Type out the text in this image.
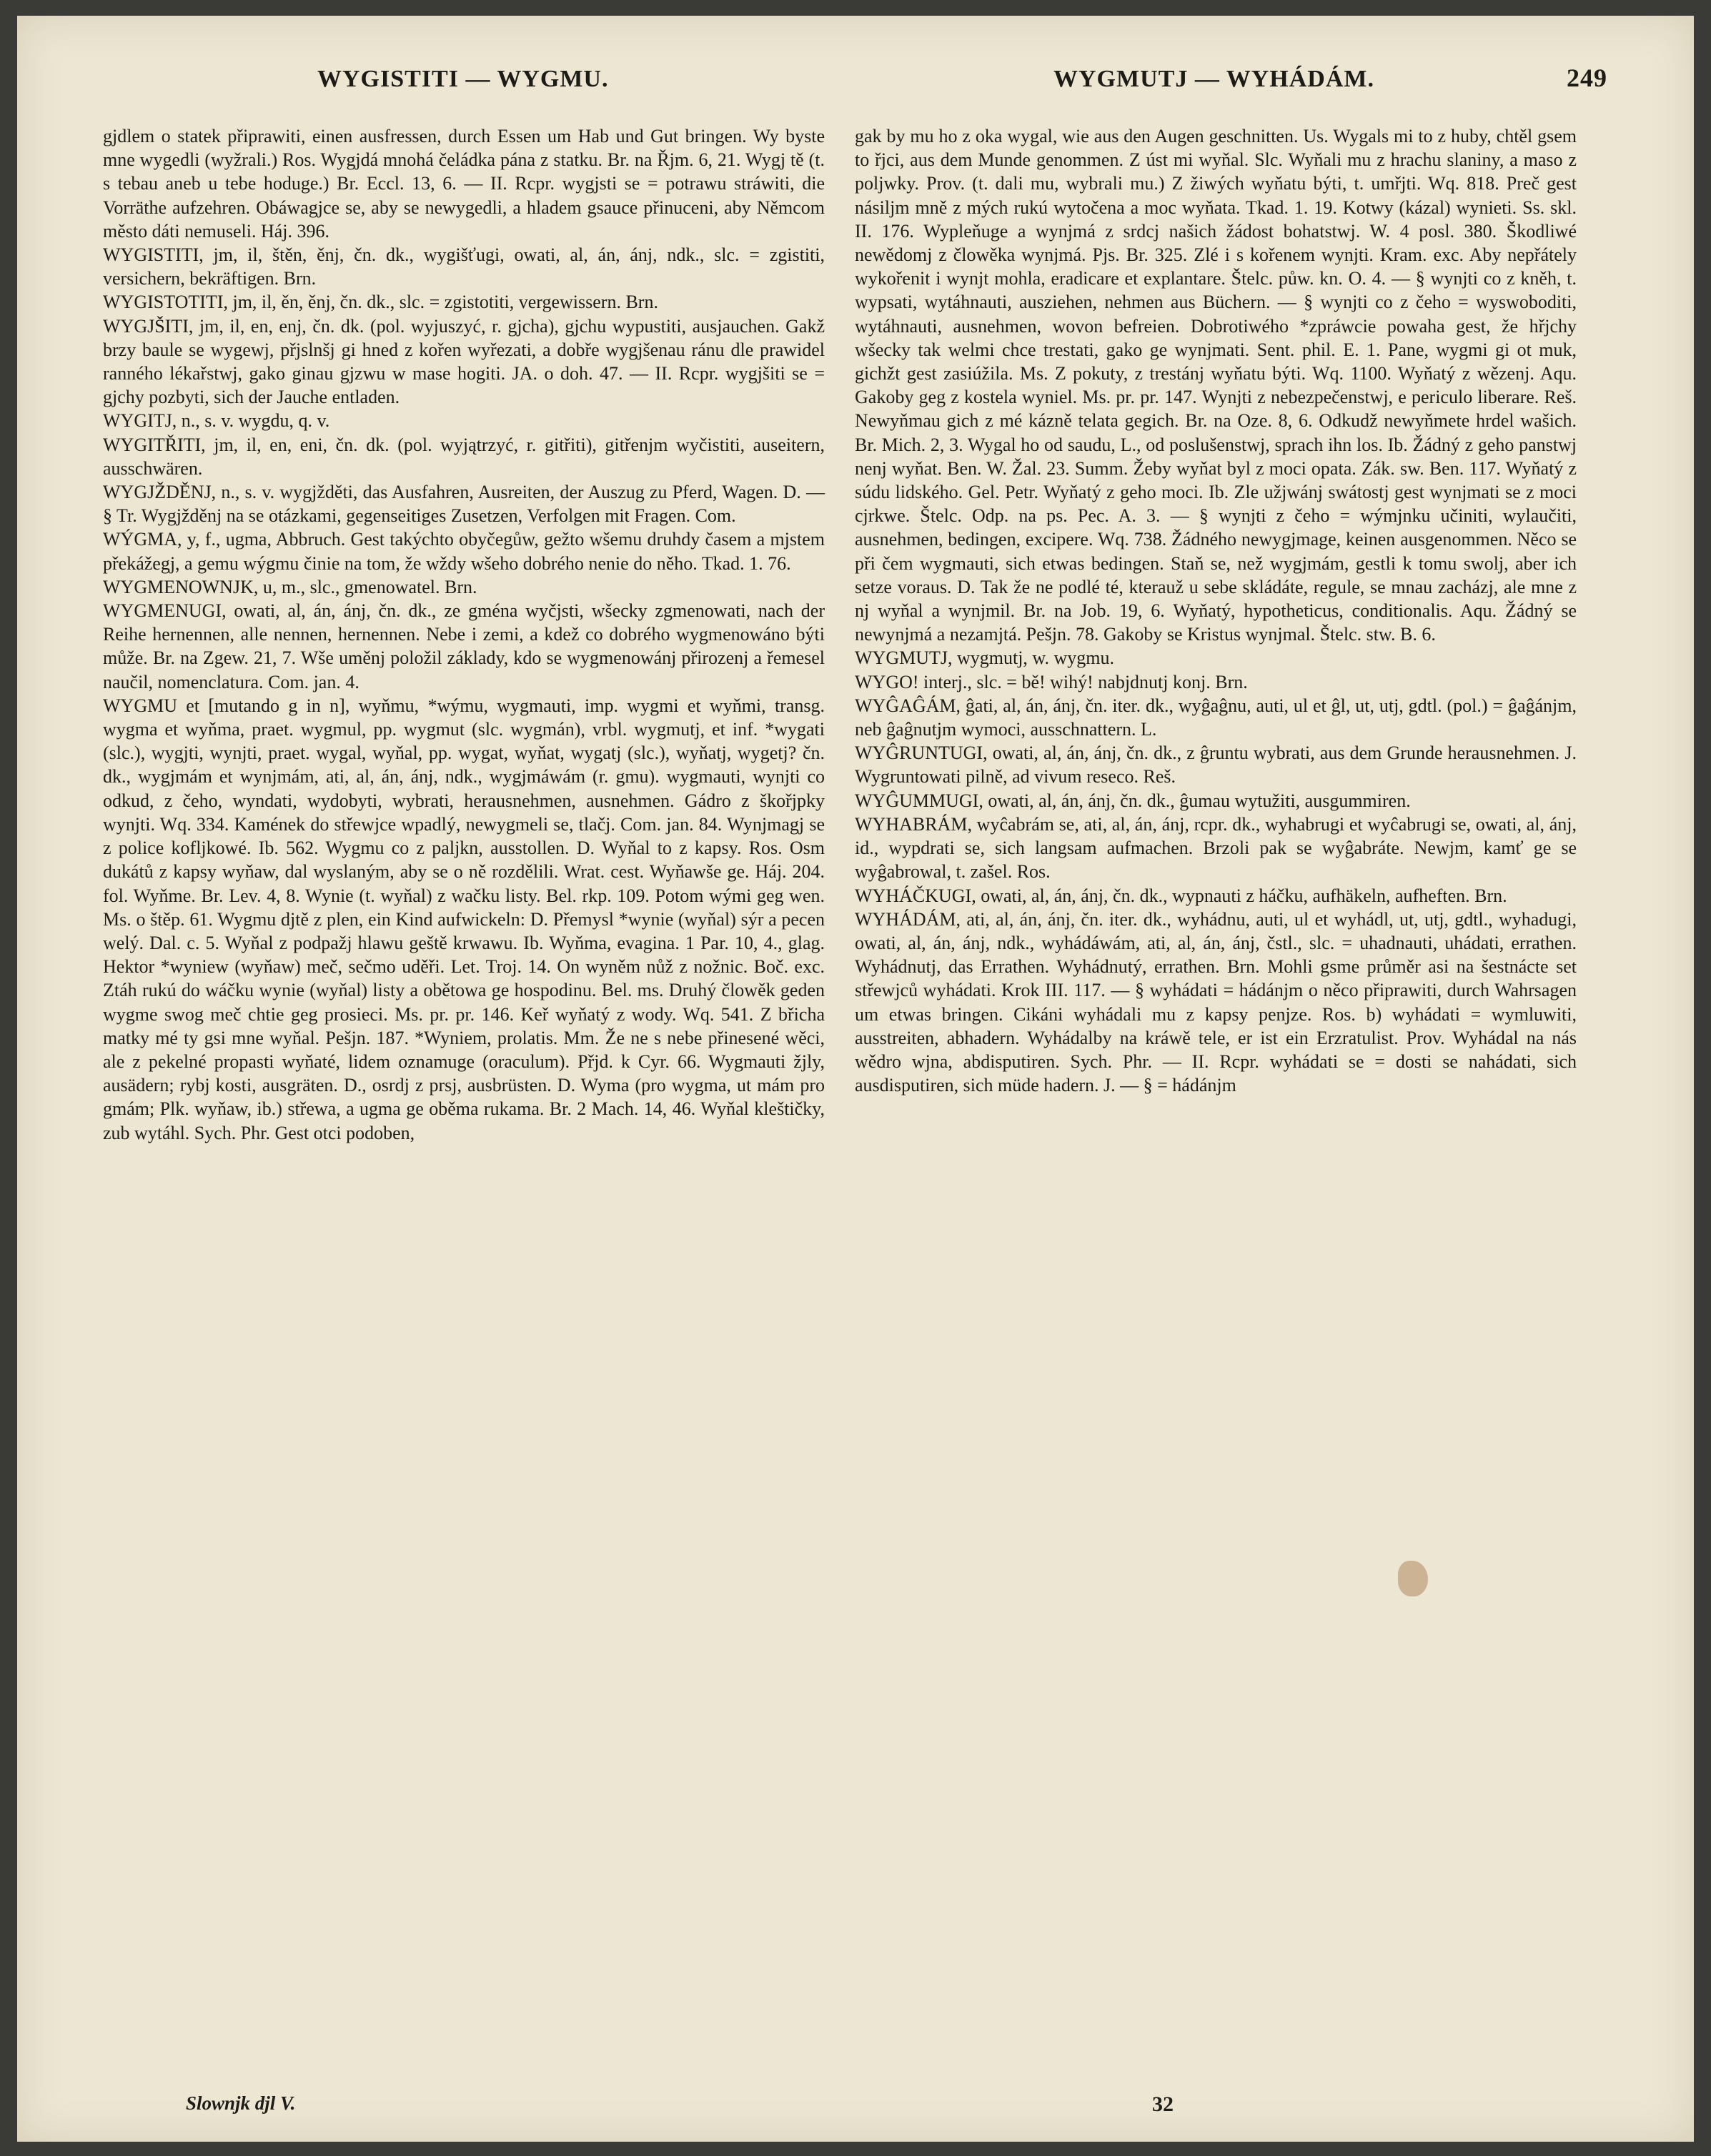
WYGISTITI — WYGMU.	WYGMUTJ — WYHÁDÁM.	249

gjdlem o statek připrawiti, einen ausfressen, durch Essen um Hab und Gut bringen. Wy byste mne wygedli (wyžrali.) Ros. Wygjdá mnohá čeládka pána z statku. Br. na Řjm. 6, 21. Wygj tě (t. s tebau aneb u tebe hoduge.) Br. Eccl. 13, 6. — II. Rcpr. wygjsti se = potrawu stráwiti, die Vorräthe aufzehren. Obáwagjce se, aby se newygedli, a hladem gsauce přinuceni, aby Němcom město dáti nemuseli. Háj. 396.

WYGISTITI, jm, il, štěn, ěnj, čn. dk., wygišťugi, owati, al, án, ánj, ndk., slc. = zgistiti, versichern, bekräftigen. Brn.

WYGISTOTITI, jm, il, ěn, ěnj, čn. dk., slc. = zgistotiti, vergewissern. Brn.

WYGJŠITI, jm, il, en, enj, čn. dk. (pol. wyjuszyć, r. gjcha), gjchu wypustiti, ausjauchen. Gakž brzy baule se wygewj, přjslnšj gi hned z kořen wyřezati, a dobře wygjšenau ránu dle prawidel ranného lékařstwj, gako ginau gjzwu w mase hogiti. JA. o doh. 47. — II. Rcpr. wygjšiti se = gjchy pozbyti, sich der Jauche entladen.

WYGITJ, n., s. v. wygdu, q. v.

WYGITŘITI, jm, il, en, eni, čn. dk. (pol. wyjątrzyć, r. gitřiti), gitřenjm wyčistiti, auseitern, ausschwären.

WYGJŽDĚNJ, n., s. v. wygjžděti, das Ausfahren, Ausreiten, der Auszug zu Pferd, Wagen. D. — § Tr. Wygjžděnj na se otázkami, gegenseitiges Zusetzen, Verfolgen mit Fragen. Com.

WÝGMA, y, f., ugma, Abbruch. Gest takýchto obyčegůw, gežto wšemu druhdy časem a mjstem překážegj, a gemu wýgmu činie na tom, že wždy wšeho dobrého nenie do něho. Tkad. 1. 76.

WYGMENOWNJK, u, m., slc., gmenowatel. Brn.

WYGMENUGI, owati, al, án, ánj, čn. dk., ze gména wyčjsti, wšecky zgmenowati, nach der Reihe hernennen, alle nennen, hernennen. Nebe i zemi, a kdež co dobrého wygmenowáno býti může. Br. na Zgew. 21, 7. Wše uměnj položil základy, kdo se wygmenowánj přirozenj a řemesel naučil, nomenclatura. Com. jan. 4.

WYGMU et [mutando g in n], wyňmu, *wýmu, wygmauti, imp. wygmi et wyňmi, transg. wygma et wyňma, praet. wygmul, pp. wygmut (slc. wygmán), vrbl. wygmutj, et inf. *wygati (slc.), wygjti, wynjti, praet. wygal, wyňal, pp. wygat, wyňat, wygatj (slc.), wyňatj, wygetj? čn. dk., wygjmám et wynjmám, ati, al, án, ánj, ndk., wygjmáwám (r. gmu). wygmauti, wynjti co odkud, z čeho, wyndati, wydobyti, wybrati, herausnehmen, ausnehmen. Gádro z škořjpky wynjti. Wq. 334. Kamének do střewjce wpadlý, newygmeli se, tlačj. Com. jan. 84. Wynjmagj se z police kofljkowé. Ib. 562. Wygmu co z paljkn, ausstollen. D. Wyňal to z kapsy. Ros. Osm dukátů z kapsy wyňaw, dal wyslaným, aby se o ně rozdělili. Wrat. cest. Wyňawše ge. Háj. 204. fol. Wyňme. Br. Lev. 4, 8. Wynie (t. wyňal) z wačku listy. Bel. rkp. 109. Potom wými geg wen. Ms. o štěp. 61. Wygmu djtě z plen, ein Kind aufwickeln: D. Přemysl *wynie (wyňal) sýr a pecen welý. Dal. c. 5. Wyňal z podpažj hlawu geště krwawu. Ib. Wyňma, evagina. 1 Par. 10, 4., glag. Hektor *wyniew (wyňaw) meč, sečmo uděři. Let. Troj. 14. On wyněm nůž z nožnic. Boč. exc. Ztáh rukú do wáčku wynie (wyňal) listy a obětowa ge hospodinu. Bel. ms. Druhý člowěk geden wygme swog meč chtie geg prosieci. Ms. pr. pr. 146. Keř wyňatý z wody. Wq. 541. Z břicha matky mé ty gsi mne wyňal. Pešjn. 187. *Wyniem, prolatis. Mm. Že ne s nebe přinesené wěci, ale z pekelné propasti wyňaté, lidem oznamuge (oraculum). Přjd. k Cyr. 66. Wygmauti žjly, ausädern; rybj kosti, ausgräten. D., osrdj z prsj, ausbrüsten. D. Wyma (pro wygma, ut mám pro gmám; Plk. wyňaw, ib.) střewa, a ugma ge oběma rukama. Br. 2 Mach. 14, 46. Wyňal kleštičky, zub wytáhl. Sych. Phr. Gest otci podoben,

gak by mu ho z oka wygal, wie aus den Augen geschnitten. Us. Wygals mi to z huby, chtěl gsem to řjci, aus dem Munde genommen. Z úst mi wyňal. Slc. Wyňali mu z hrachu slaniny, a maso z poljwky. Prov. (t. dali mu, wybrali mu.) Z žiwých wyňatu býti, t. umřjti. Wq. 818. Preč gest násiljm mně z mých rukú wytočena a moc wyňata. Tkad. 1. 19. Kotwy (kázal) wynieti. Ss. skl. II. 176. Wypleňuge a wynjmá z srdcj našich žádost bohatstwj. W. 4 posl. 380. Škodliwé newědomj z člowěka wynjmá. Pjs. Br. 325. Zlé i s kořenem wynjti. Kram. exc. Aby nepřátely wykořenit i wynjt mohla, eradicare et explantare. Štelc. půw. kn. O. 4. — § wynjti co z kněh, t. wypsati, wytáhnauti, ausziehen, nehmen aus Büchern. — § wynjti co z čeho = wyswoboditi, wytáhnauti, ausnehmen, wovon befreien. Dobrotiwého *zpráwcie powaha gest, že hřjchy wšecky tak welmi chce trestati, gako ge wynjmati. Sent. phil. E. 1. Pane, wygmi gi ot muk, gichžt gest zasiúžila. Ms. Z pokuty, z trestánj wyňatu býti. Wq. 1100. Wyňatý z wězenj. Aqu. Gakoby geg z kostela wyniel. Ms. pr. pr. 147. Wynjti z nebezpečenstwj, e periculo liberare. Reš. Newyňmau gich z mé kázně telata gegich. Br. na Oze. 8, 6. Odkudž newyňmete hrdel wašich. Br. Mich. 2, 3. Wygal ho od saudu, L., od poslušenstwj, sprach ihn los. Ib. Žádný z geho panstwj nenj wyňat. Ben. W. Žal. 23. Summ. Žeby wyňat byl z moci opata. Zák. sw. Ben. 117. Wyňatý z súdu lidského. Gel. Petr. Wyňatý z geho moci. Ib. Zle užjwánj swátostj gest wynjmati se z moci cjrkwe. Štelc. Odp. na ps. Pec. A. 3. — § wynjti z čeho = wýmjnku učiniti, wylaučiti, ausnehmen, bedingen, excipere. Wq. 738. Žádného newygjmage, keinen ausgenommen. Něco se při čem wygmauti, sich etwas bedingen. Staň se, než wygjmám, gestli k tomu swolj, aber ich setze voraus. D. Tak že ne podlé té, kterauž u sebe skládáte, regule, se mnau zacházj, ale mne z nj wyňal a wynjmil. Br. na Job. 19, 6. Wyňatý, hypotheticus, conditionalis. Aqu. Žádný se newynjmá a nezamjtá. Pešjn. 78. Gakoby se Kristus wynjmal. Štelc. stw. B. 6.

WYGMUTJ, wygmutj, w. wygmu.

WYGO! interj., slc. = bě! wihý! nabjdnutj konj. Brn.

WYĜAĜÁM, ĝati, al, án, ánj, čn. iter. dk., wyĝaĝnu, auti, ul et ĝl, ut, utj, gdtl. (pol.) = ĝaĝánjm, neb ĝaĝnutjm wymoci, ausschnattern. L.

WYĜRUNTUGI, owati, al, án, ánj, čn. dk., z ĝruntu wybrati, aus dem Grunde herausnehmen. J. Wygruntowati pilně, ad vivum reseco. Reš.

WYĜUMMUGI, owati, al, án, ánj, čn. dk., ĝumau wytužiti, ausgummiren.

WYHABRÁM, wyĉabrám se, ati, al, án, ánj, rcpr. dk., wyhabrugi et wyĉabrugi se, owati, al, ánj, id., wypdrati se, sich langsam aufmachen. Brzoli pak se wyĝabráte. Newjm, kamť ge se wyĝabrowal, t. zašel. Ros.

WYHÁČKUGI, owati, al, án, ánj, čn. dk., wypnauti z háčku, aufhäkeln, aufheften. Brn.

WYHÁDÁM, ati, al, án, ánj, čn. iter. dk., wyhádnu, auti, ul et wyhádl, ut, utj, gdtl., wyhadugi, owati, al, án, ánj, ndk., wyhádáwám, ati, al, án, ánj, čstl., slc. = uhadnauti, uhádati, errathen. Wyhádnutj, das Errathen. Wyhádnutý, errathen. Brn. Mohli gsme průměr asi na šestnácte set střewjců wyhádati. Krok III. 117. — § wyhádati = hádánjm o něco připrawiti, durch Wahrsagen um etwas bringen. Cikáni wyhádali mu z kapsy penjze. Ros. b) wyhádati = wymluwiti, ausstreiten, abhadern. Wyhádalby na kráwě tele, er ist ein Erzratulist. Prov. Wyhádal na nás wědro wjna, abdisputiren. Sych. Phr. — II. Rcpr. wyhádati se = dosti se nahádati, sich ausdisputiren, sich müde hadern. J. — § = hádánjm

Slownjk djl V.	32
